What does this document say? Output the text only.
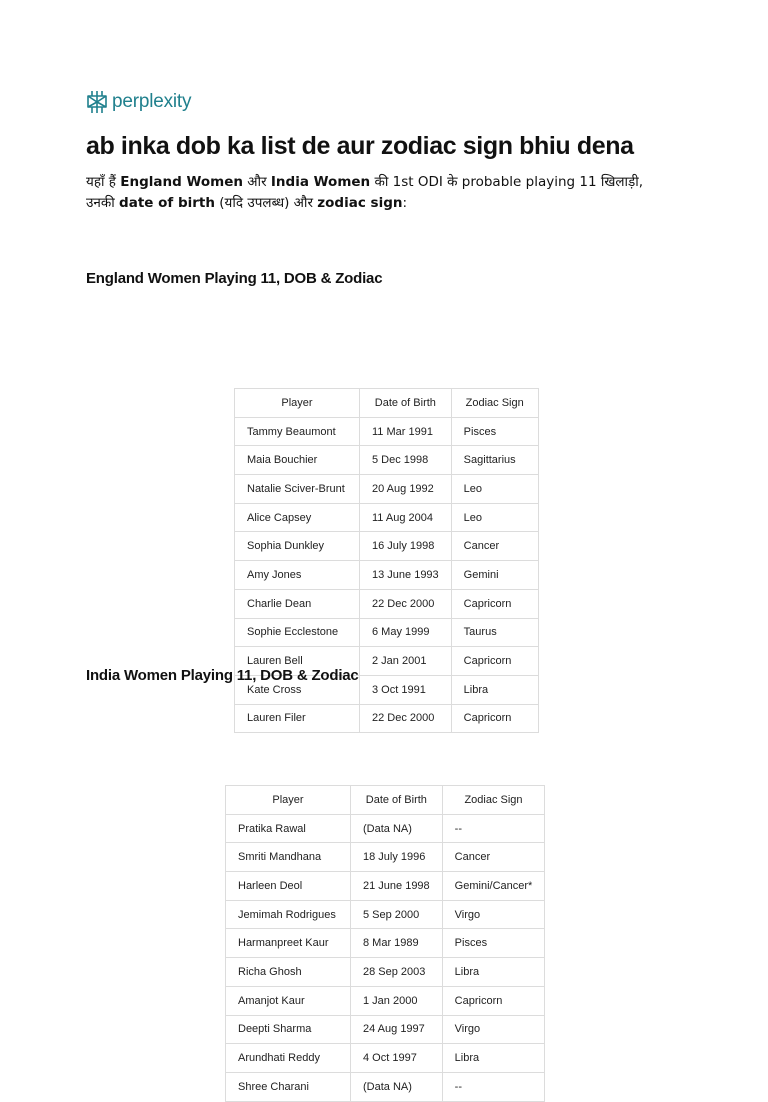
perplexity
ab inka dob ka list de aur zodiac sign bhiu dena

यहाँ हैं England Women और India Women की 1st ODI के probable playing 11 खिलाड़ी, उनकी date of birth (यदि उपलब्ध) और zodiac sign:

England Women Playing 11, DOB & Zodiac
Player	Date of Birth	Zodiac Sign
Tammy Beaumont	11 Mar 1991	Pisces
Maia Bouchier	5 Dec 1998	Sagittarius
Natalie Sciver-Brunt	20 Aug 1992	Leo
Alice Capsey	11 Aug 2004	Leo
Sophia Dunkley	16 July 1998	Cancer
Amy Jones	13 June 1993	Gemini
Charlie Dean	22 Dec 2000	Capricorn
Sophie Ecclestone	6 May 1999	Taurus
Lauren Bell	2 Jan 2001	Capricorn
Kate Cross	3 Oct 1991	Libra
Lauren Filer	22 Dec 2000	Capricorn
India Women Playing 11, DOB & Zodiac
Player	Date of Birth	Zodiac Sign
Pratika Rawal	(Data NA)	--
Smriti Mandhana	18 July 1996	Cancer
Harleen Deol	21 June 1998	Gemini/Cancer*
Jemimah Rodrigues	5 Sep 2000	Virgo
Harmanpreet Kaur	8 Mar 1989	Pisces
Richa Ghosh	28 Sep 2003	Libra
Amanjot Kaur	1 Jan 2000	Capricorn
Deepti Sharma	24 Aug 1997	Virgo
Arundhati Reddy	4 Oct 1997	Libra
Shree Charani	(Data NA)	--
